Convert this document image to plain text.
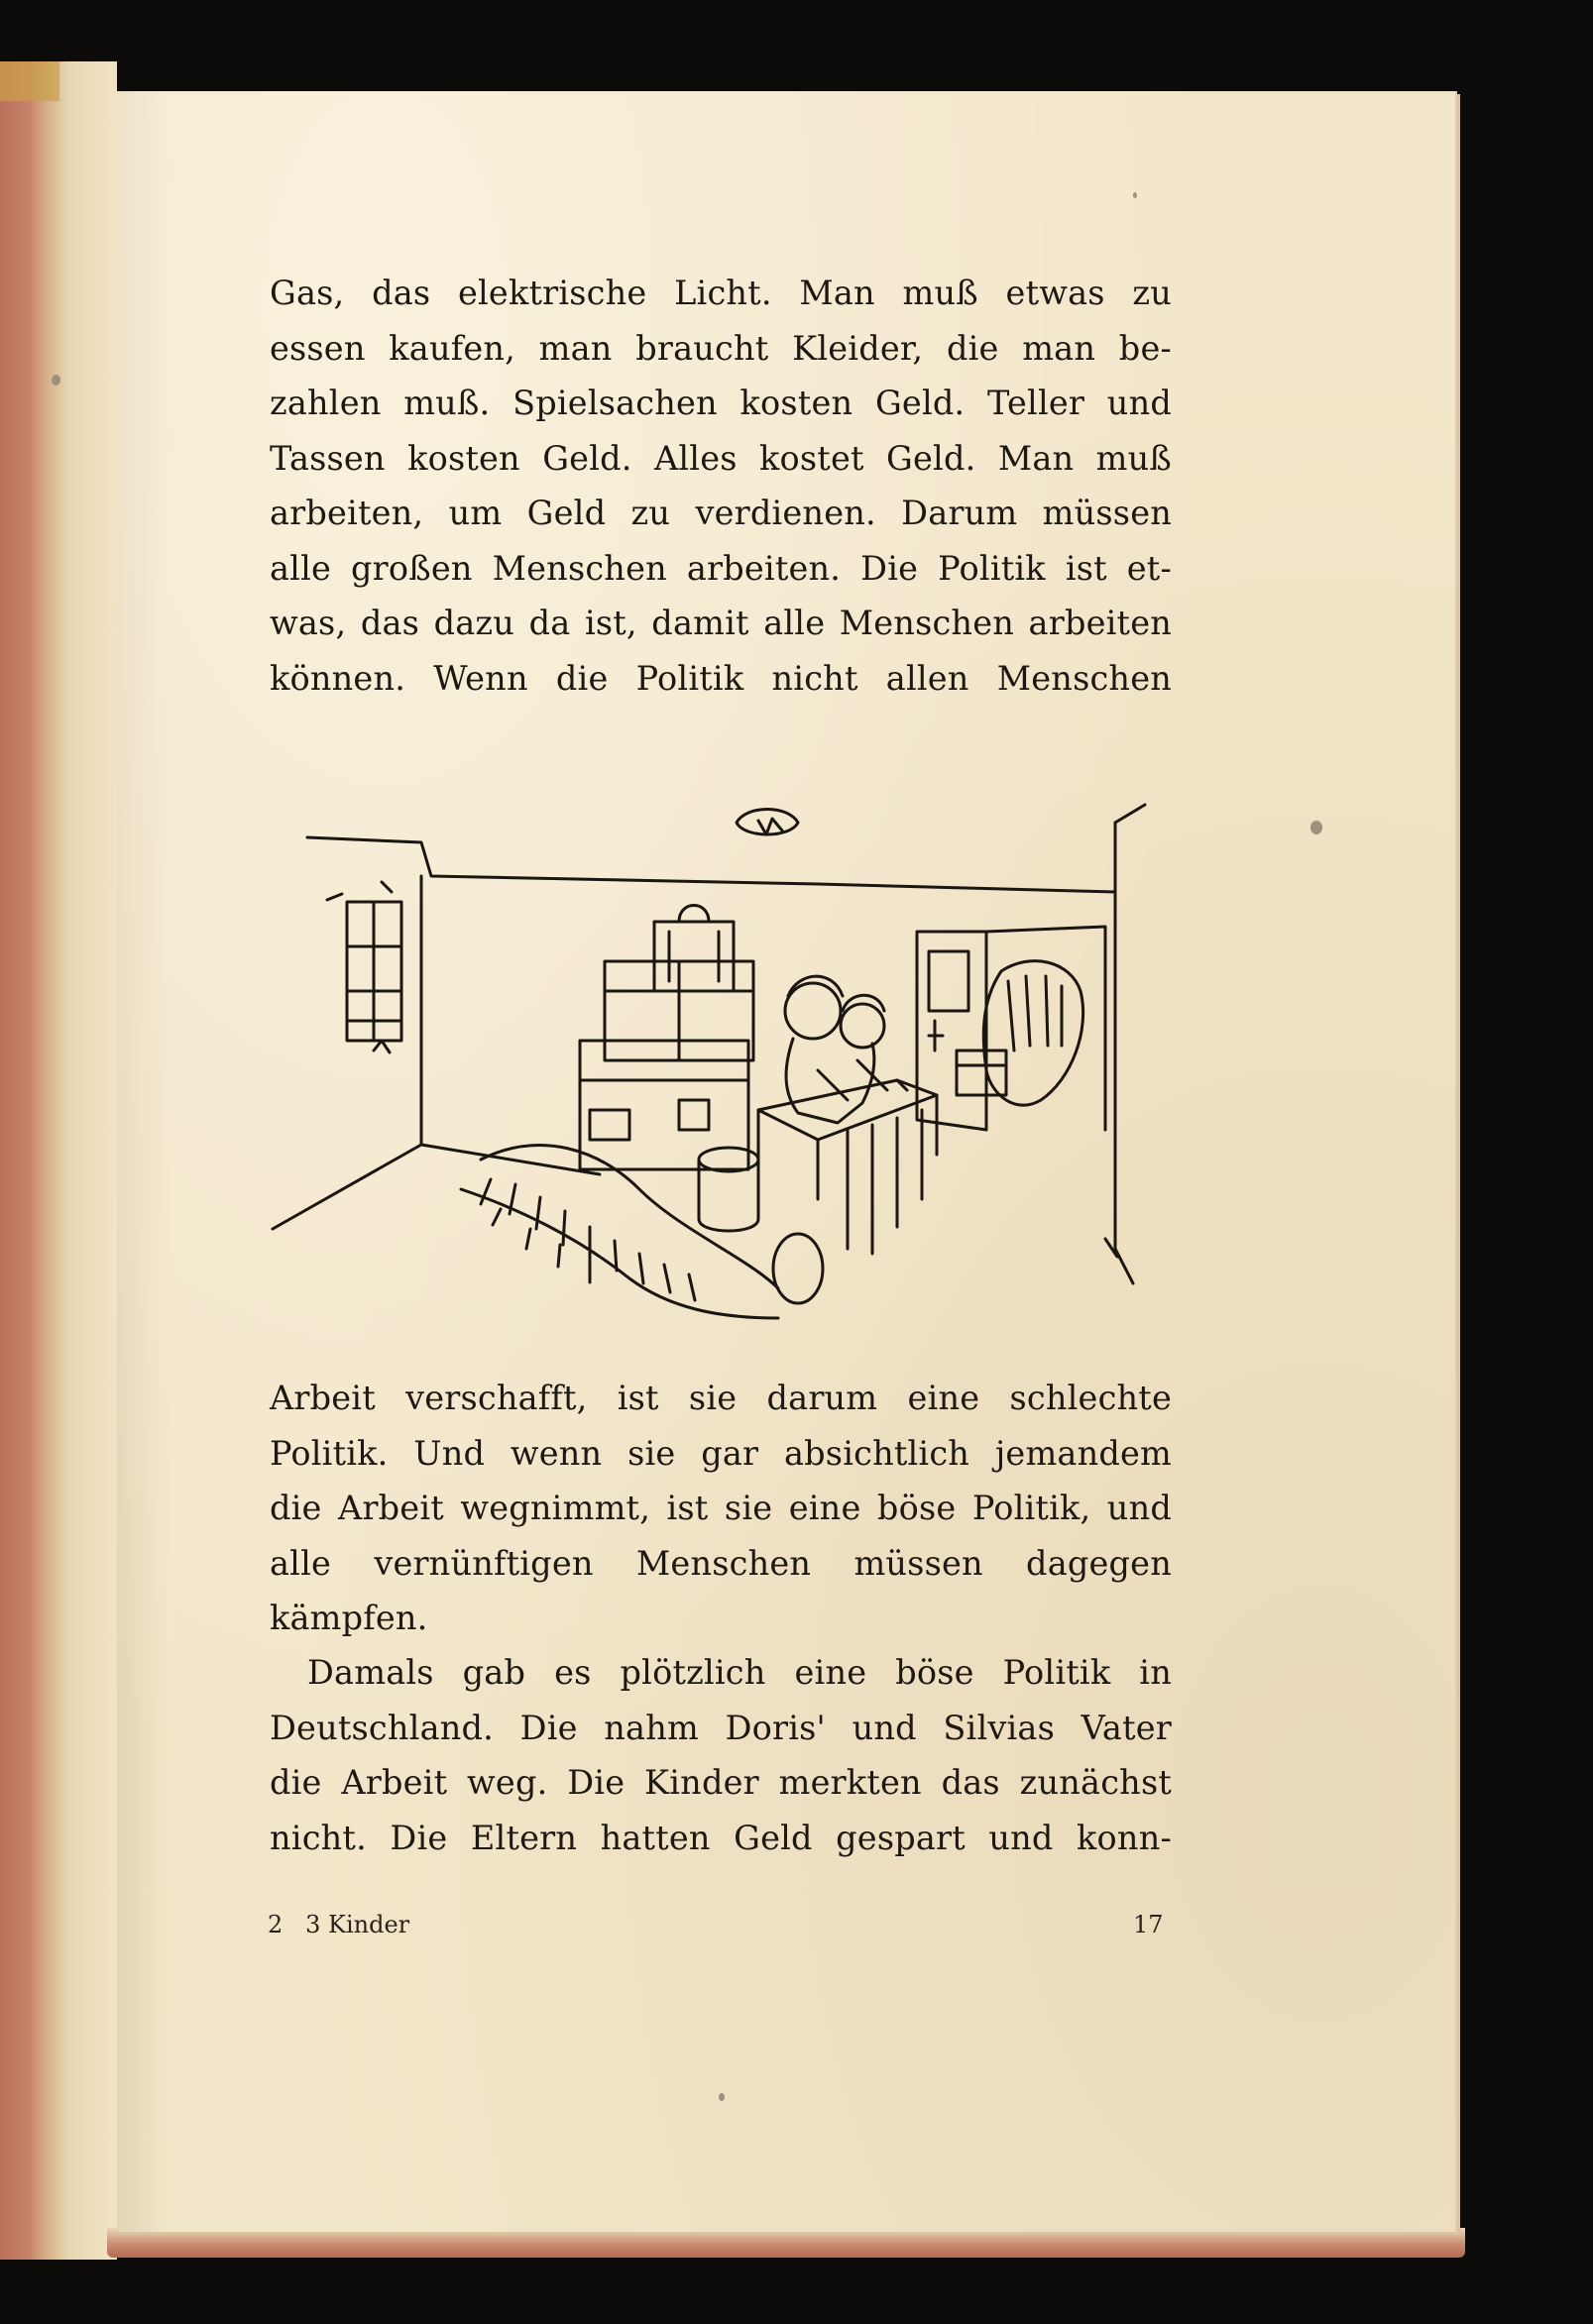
Gas, das elektrische Licht. Man muß etwas zu
essen kaufen, man braucht Kleider, die man be-
zahlen muß. Spielsachen kosten Geld. Teller und
Tassen kosten Geld. Alles kostet Geld. Man muß
arbeiten, um Geld zu verdienen. Darum müssen
alle großen Menschen arbeiten. Die Politik ist et-
was, das dazu da ist, damit alle Menschen arbeiten
können. Wenn die Politik nicht allen Menschen

Arbeit verschafft, ist sie darum eine schlechte
Politik. Und wenn sie gar absichtlich jemandem
die Arbeit wegnimmt, ist sie eine böse Politik, und
alle vernünftigen Menschen müssen dagegen
kämpfen.

Damals gab es plötzlich eine böse Politik in
Deutschland. Die nahm Doris' und Silvias Vater
die Arbeit weg. Die Kinder merkten das zunächst
nicht. Die Eltern hatten Geld gespart und konn-

2   3 Kinder	17
